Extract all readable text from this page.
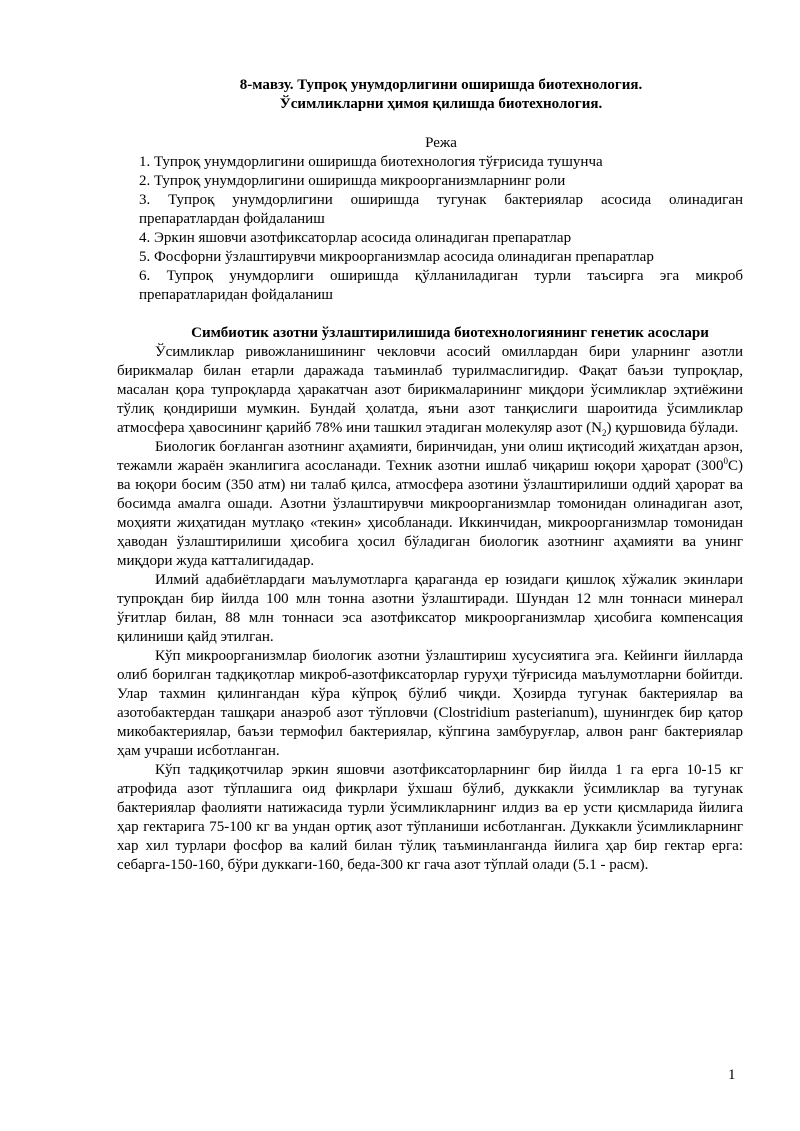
8-мавзу. Тупроқ унумдорлигини оширишда биотехнология.
Ўсимликларни ҳимоя қилишда биотехнология.
Режа
1. Тупроқ унумдорлигини оширишда биотехнология тўғрисида тушунча
2. Тупроқ унумдорлигини оширишда микроорганизмларнинг роли
3. Тупроқ унумдорлигини оширишда тугунак бактериялар асосида олинадиган препаратлардан фойдаланиш
4. Эркин яшовчи азотфиксаторлар асосида олинадиган препаратлар
5. Фосфорни ўзлаштирувчи микроорганизмлар асосида олинадиган препаратлар
6. Тупроқ унумдорлиги оширишда қўлланиладиган турли таъсирга эга микроб препаратларидан фойдаланиш
Симбиотик азотни ўзлаштирилишида биотехнологиянинг генетик асослари

Ўсимликлар ривожланишининг чекловчи асосий омиллардан бири уларнинг азотли бирикмалар билан етарли даражада таъминлаб турилмаслигидир. Фақат баъзи тупроқлар, масалан қора тупроқларда ҳаракатчан азот бирикмаларининг миқдори ўсимликлар эҳтиёжини тўлиқ қондириши мумкин. Бундай ҳолатда, яъни азот танқислиги шароитида ўсимликлар атмосфера ҳавосининг қарийб 78% ини ташкил этадиган молекуляр азот $(N_2)$ қуршовида бўлади.

Биологик боғланган азотнинг аҳамияти, биринчидан, уни олиш иқтисодий жиҳатдан арзон, тежамли жараён эканлигига асосланади. Техник азотни ишлаб чиқариш юқори ҳарорат $(300^0С)$ ва юқори босим (350 атм) ни талаб қилса, атмосфера азотини ўзлаштирилиши оддий ҳарорат ва босимда амалга ошади. Азотни ўзлаштирувчи микроорганизмлар томонидан олинадиган азот, моҳияти жиҳатидан мутлақо «текин» ҳисобланади. Иккинчидан, микроорганизмлар томонидан ҳаводан ўзлаштирилиши ҳисобига ҳосил бўладиган биологик азотнинг аҳамияти ва унинг миқдори жуда катталигидадар.

Илмий адабиётлардаги маълумотларга қараганда ер юзидаги қишлоқ хўжалик экинлари тупроқдан бир йилда 100 млн тонна азотни ўзлаштиради. Шундан 12 млн тоннаси минерал ўғитлар билан, 88 млн тоннаси эса азотфиксатор микроорганизмлар ҳисобига компенсация қилиниши қайд этилган.

Кўп микроорганизмлар биологик азотни ўзлаштириш хусусиятига эга. Кейинги йилларда олиб борилган тадқиқотлар микроб-азотфиксаторлар гуруҳи тўғрисида маълумотларни бойитди. Улар тахмин қилингандан кўра кўпроқ бўлиб чиқди. Ҳозирда тугунак бактериялар ва азотобактердан ташқари анаэроб азот тўпловчи (Clostridium pasterianum), шунингдек бир қатор микобактериялар, баъзи термофил бактериялар, кўпгина замбуруғлар, алвон ранг бактериялар ҳам учраши исботланган.

Кўп тадқиқотчилар эркин яшовчи азотфиксаторларнинг бир йилда 1 га ерга 10-15 кг атрофида азот тўплашига оид фикрлари ўхшаш бўлиб, дуккакли ўсимликлар ва тугунак бактериялар фаолияти натижасида турли ўсимликларнинг илдиз ва ер усти қисмларида йилига ҳар гектарига 75-100 кг ва ундан ортиқ азот тўпланиши исботланган. Дуккакли ўсимликларнинг хар хил турлари фосфор ва калий билан тўлиқ таъминланганда йилига ҳар бир гектар ерга: себарга-150-160, бўри дуккаги-160, беда-300 кг гача азот тўплай олади (5.1 - расм).

1
